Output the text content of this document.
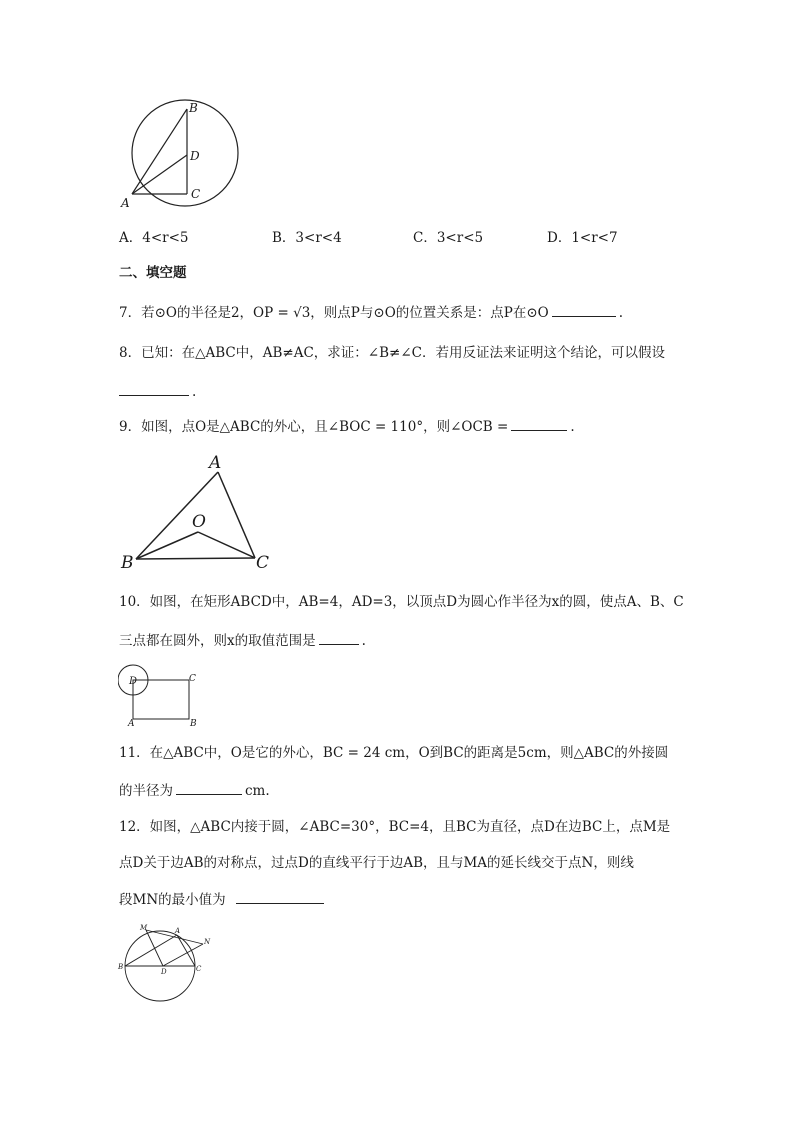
B
D
A
C
A．4<r<5	B．3<r<4	C．3<r<5	D．1<r<7
二、填空题
7．若⊙O的半径是2，OP = √3，则点P与⊙O的位置关系是：点P在⊙O	.
8．已知：在△ABC中，AB≠AC，求证：∠B≠∠C．若用反证法来证明这个结论，可以假设
.
9．如图，点O是△ABC的外心，且∠BOC = 110°，则∠OCB =	.
A
O
B	C
10．如图，在矩形ABCD中，AB=4，AD=3，以顶点D为圆心作半径为x的圆，使点A、B、C
三点都在圆外，则x的取值范围是	.
D	C
A	B
11．在△ABC中，O是它的外心，BC = 24 cm，O到BC的距离是5cm，则△ABC的外接圆
的半径为	cm.
12．如图，△ABC内接于圆，∠ABC=30°，BC=4，且BC为直径，点D在边BC上，点M是
点D关于边AB的对称点，过点D的直线平行于边AB，且与MA的延长线交于点N，则线
段MN的最小值为
M	A
N
B
D	C
